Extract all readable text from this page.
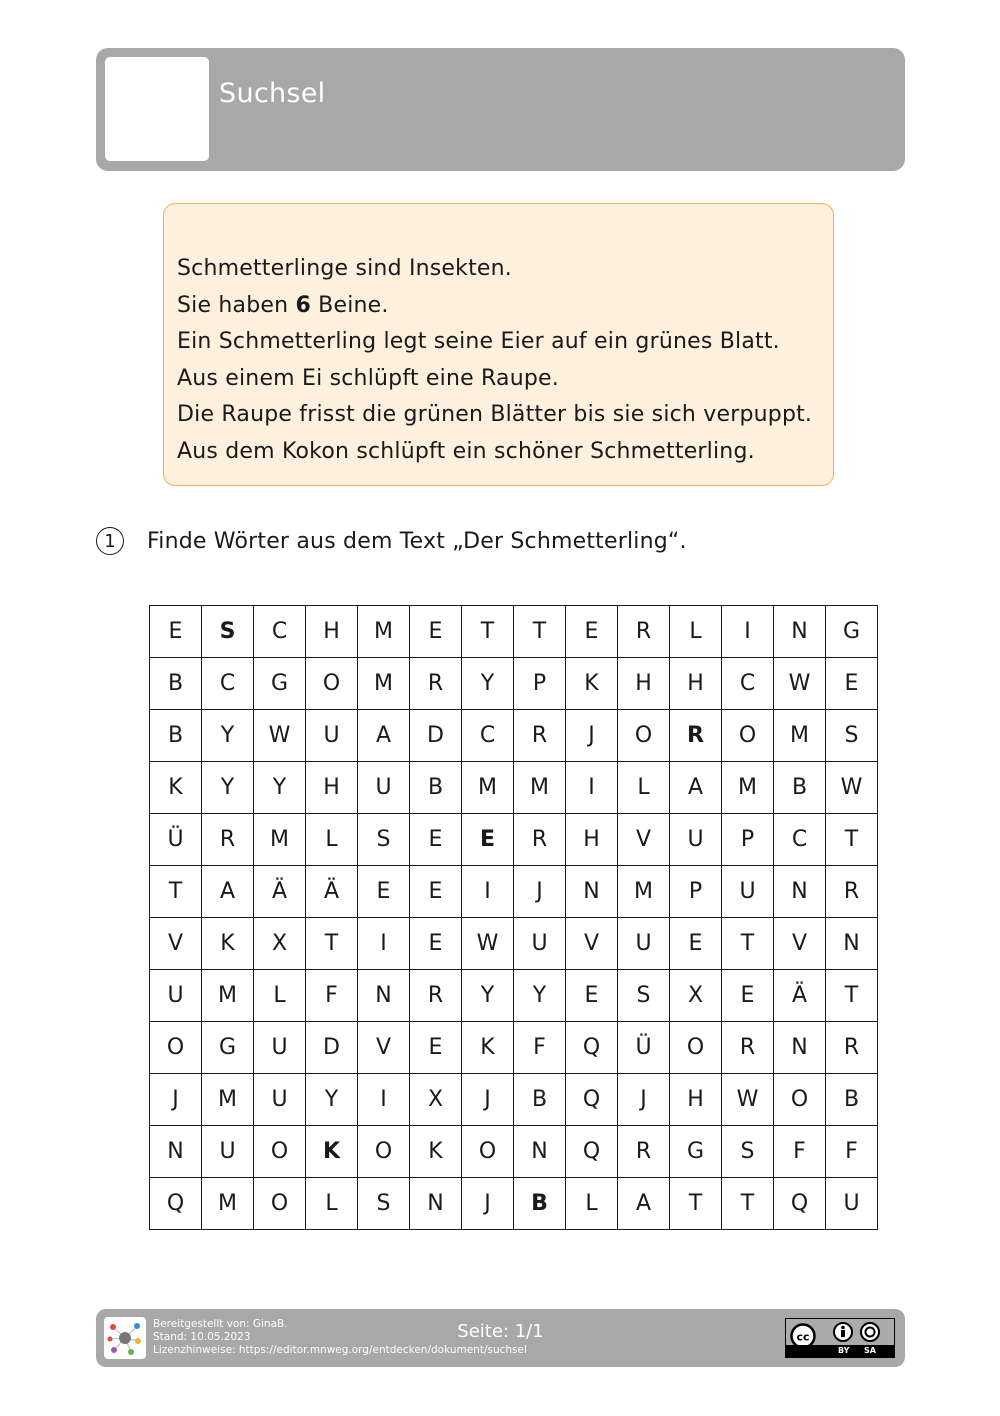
Suchsel
Schmetterlinge sind Insekten.
Sie haben 6 Beine.
Ein Schmetterling legt seine Eier auf ein grünes Blatt.
Aus einem Ei schlüpft eine Raupe.
Die Raupe frisst die grünen Blätter bis sie sich verpuppt.
Aus dem Kokon schlüpft ein schöner Schmetterling.
1	Finde Wörter aus dem Text „Der Schmetterling“.
E	S	C	H	M	E	T	T	E	R	L	I	N	G
B	C	G	O	M	R	Y	P	K	H	H	C	W	E
B	Y	W	U	A	D	C	R	J	O	R	O	M	S
K	Y	Y	H	U	B	M	M	I	L	A	M	B	W
Ü	R	M	L	S	E	E	R	H	V	U	P	C	T
T	A	Ä	Ä	E	E	I	J	N	M	P	U	N	R
V	K	X	T	I	E	W	U	V	U	E	T	V	N
U	M	L	F	N	R	Y	Y	E	S	X	E	Ä	T
O	G	U	D	V	E	K	F	Q	Ü	O	R	N	R
J	M	U	Y	I	X	J	B	Q	J	H	W	O	B
N	U	O	K	O	K	O	N	Q	R	G	S	F	F
Q	M	O	L	S	N	J	B	L	A	T	T	Q	U
Bereitgestellt von: GinaB.
Stand: 10.05.2023
Lizenzhinweise: https://editor.mnweg.org/entdecken/dokument/suchsel
Seite: 1/1	cc
BY SA
